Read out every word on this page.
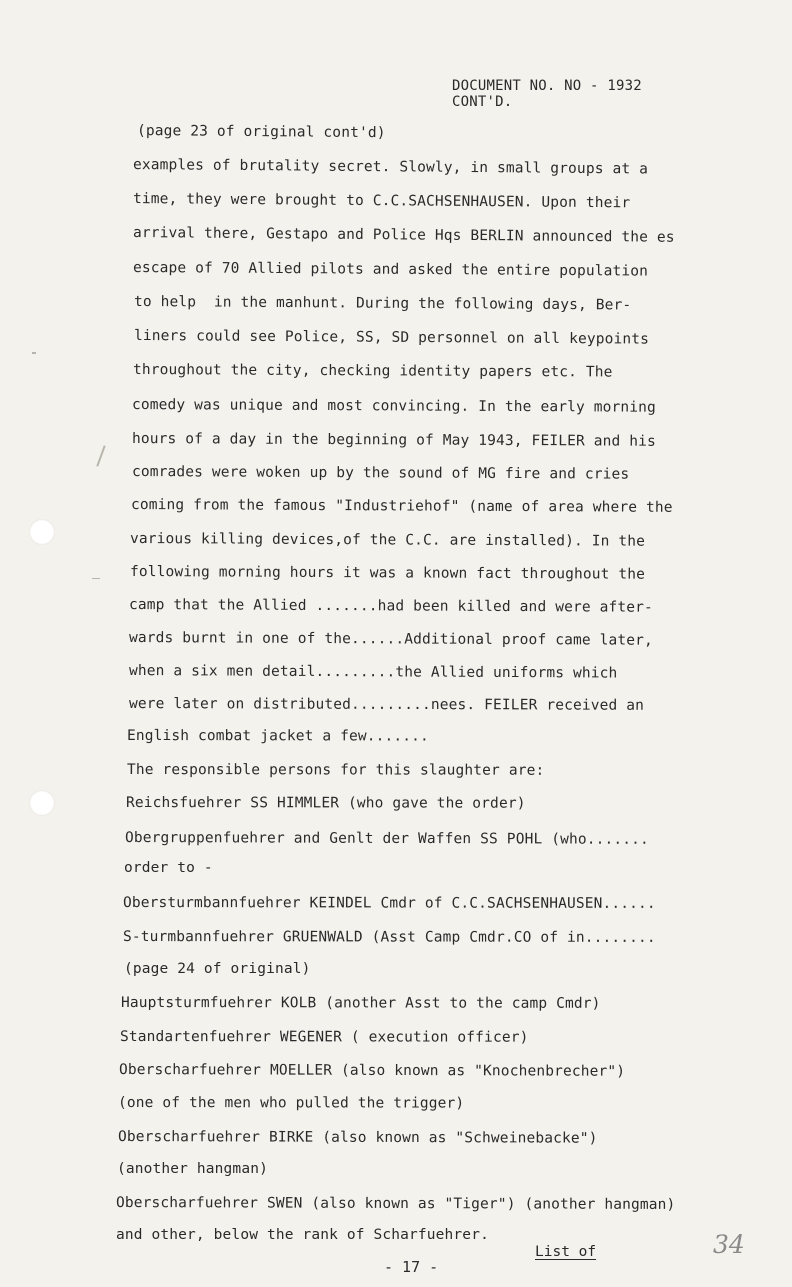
DOCUMENT NO. NO - 1932
CONT'D.
(page 23 of original cont'd)
examples of brutality secret. Slowly, in small groups at a
time, they were brought to C.C.SACHSENHAUSEN. Upon their
arrival there, Gestapo and Police Hqs BERLIN announced the es
escape of 70 Allied pilots and asked the entire population
to help  in the manhunt. During the following days, Ber-
liners could see Police, SS, SD personnel on all keypoints
throughout the city, checking identity papers etc. The
comedy was unique and most convincing. In the early morning
hours of a day in the beginning of May 1943, FEILER and his
comrades were woken up by the sound of MG fire and cries
coming from the famous "Industriehof" (name of area where the
various killing devices,of the C.C. are installed). In the
following morning hours it was a known fact throughout the
camp that the Allied .......had been killed and were after-
wards burnt in one of the......Additional proof came later,
when a six men detail.........the Allied uniforms which
were later on distributed.........nees. FEILER received an
English combat jacket a few.......
The responsible persons for this slaughter are:
Reichsfuehrer SS HIMMLER (who gave the order)
Obergruppenfuehrer and Genlt der Waffen SS POHL (who.......
order to -
Obersturmbannfuehrer KEINDEL Cmdr of C.C.SACHSENHAUSEN......
S-turmbannfuehrer GRUENWALD (Asst Camp Cmdr.CO of in........
(page 24 of original)
Hauptsturmfuehrer KOLB (another Asst to the camp Cmdr)
Standartenfuehrer WEGENER ( execution officer)
Oberscharfuehrer MOELLER (also known as "Knochenbrecher")
(one of the men who pulled the trigger)
Oberscharfuehrer BIRKE (also known as "Schweinebacke")
(another hangman)
Oberscharfuehrer SWEN (also known as "Tiger") (another hangman)
and other, below the rank of Scharfuehrer.
List of
- 17 -
34
